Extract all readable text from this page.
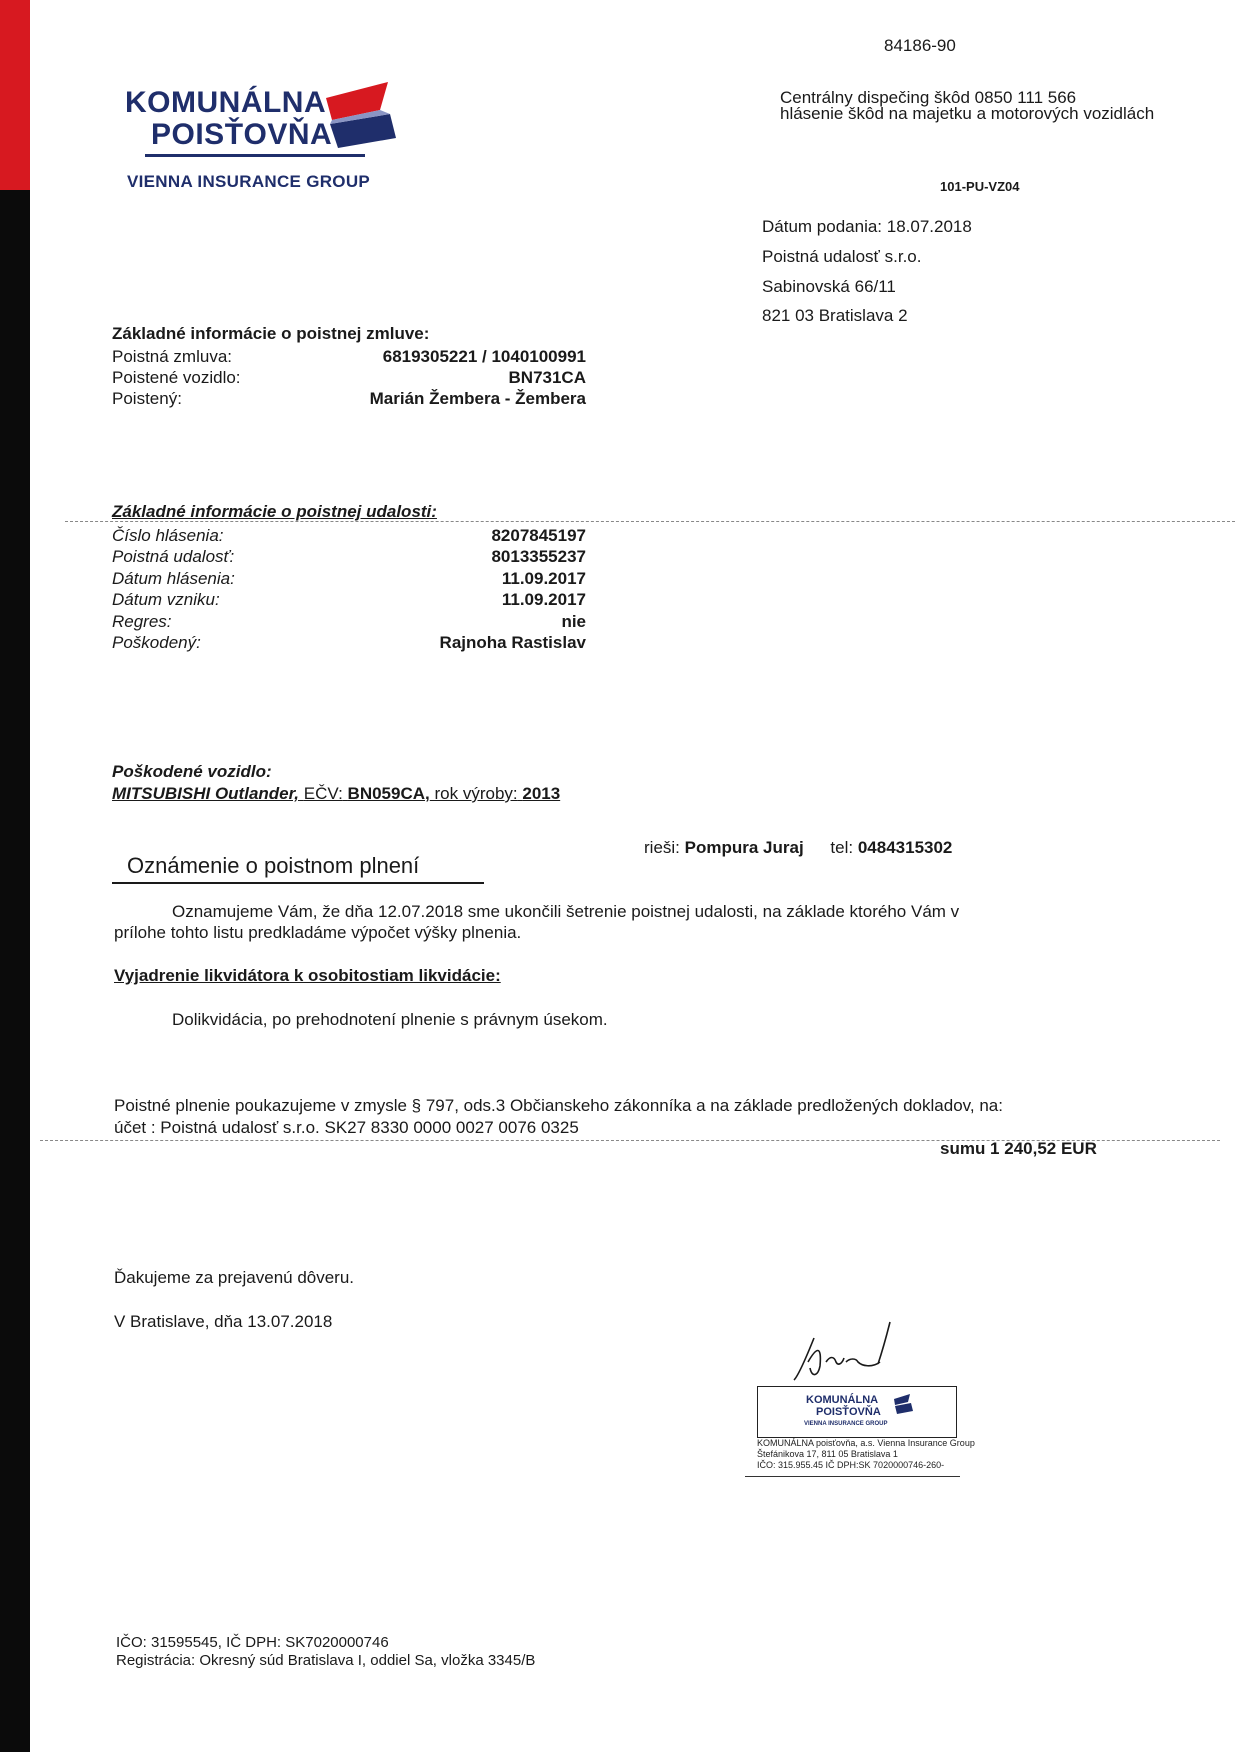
KOMUNÁLNA
POISŤOVŇA
VIENNA INSURANCE GROUP
84186-90
Centrálny dispečing škôd 0850 111 566
hlásenie škôd na majetku a motorových vozidlách
101-PU-VZ04
Dátum podania: 18.07.2018
Poistná udalosť s.r.o.
Sabinovská 66/11
821 03 Bratislava 2
Základné informácie o poistnej zmluve:
Poistná zmluva:	6819305221 / 1040100991
Poistené vozidlo:	BN731CA
Poistený:	Marián Žembera - Žembera
Základné informácie o poistnej udalosti:
Číslo hlásenia:	8207845197
Poistná udalosť:	8013355237
Dátum hlásenia:	11.09.2017
Dátum vzniku:	11.09.2017
Regres:	nie
Poškodený:	Rajnoha Rastislav
Poškodené vozidlo:
MITSUBISHI Outlander, EČV: BN059CA, rok výroby: 2013
rieši: Pompura Juraj tel: 0484315302
Oznámenie o poistnom plnení
Oznamujeme Vám, že dňa 12.07.2018 sme ukončili šetrenie poistnej udalosti, na základe ktorého Vám v
prílohe tohto listu predkladáme výpočet výšky plnenia.
Vyjadrenie likvidátora k osobitostiam likvidácie:
Dolikvidácia, po prehodnotení plnenie s právnym úsekom.
Poistné plnenie poukazujeme v zmysle § 797, ods.3 Občianskeho zákonníka a na základe predložených dokladov, na:
účet : Poistná udalosť s.r.o. SK27 8330 0000 0027 0076 0325
sumu 1 240,52 EUR
Ďakujeme za prejavenú dôveru.
V Bratislave, dňa 13.07.2018
KOMUNÁLNA
POISŤOVŇA
VIENNA INSURANCE GROUP
KOMUNÁLNA poisťovňa, a.s. Vienna Insurance Group
Štefánikova 17, 811 05 Bratislava 1
IČO: 315.955.45 IČ DPH:SK 7020000746-260-
IČO: 31595545, IČ DPH: SK7020000746
Registrácia: Okresný súd Bratislava I, oddiel Sa, vložka 3345/B
